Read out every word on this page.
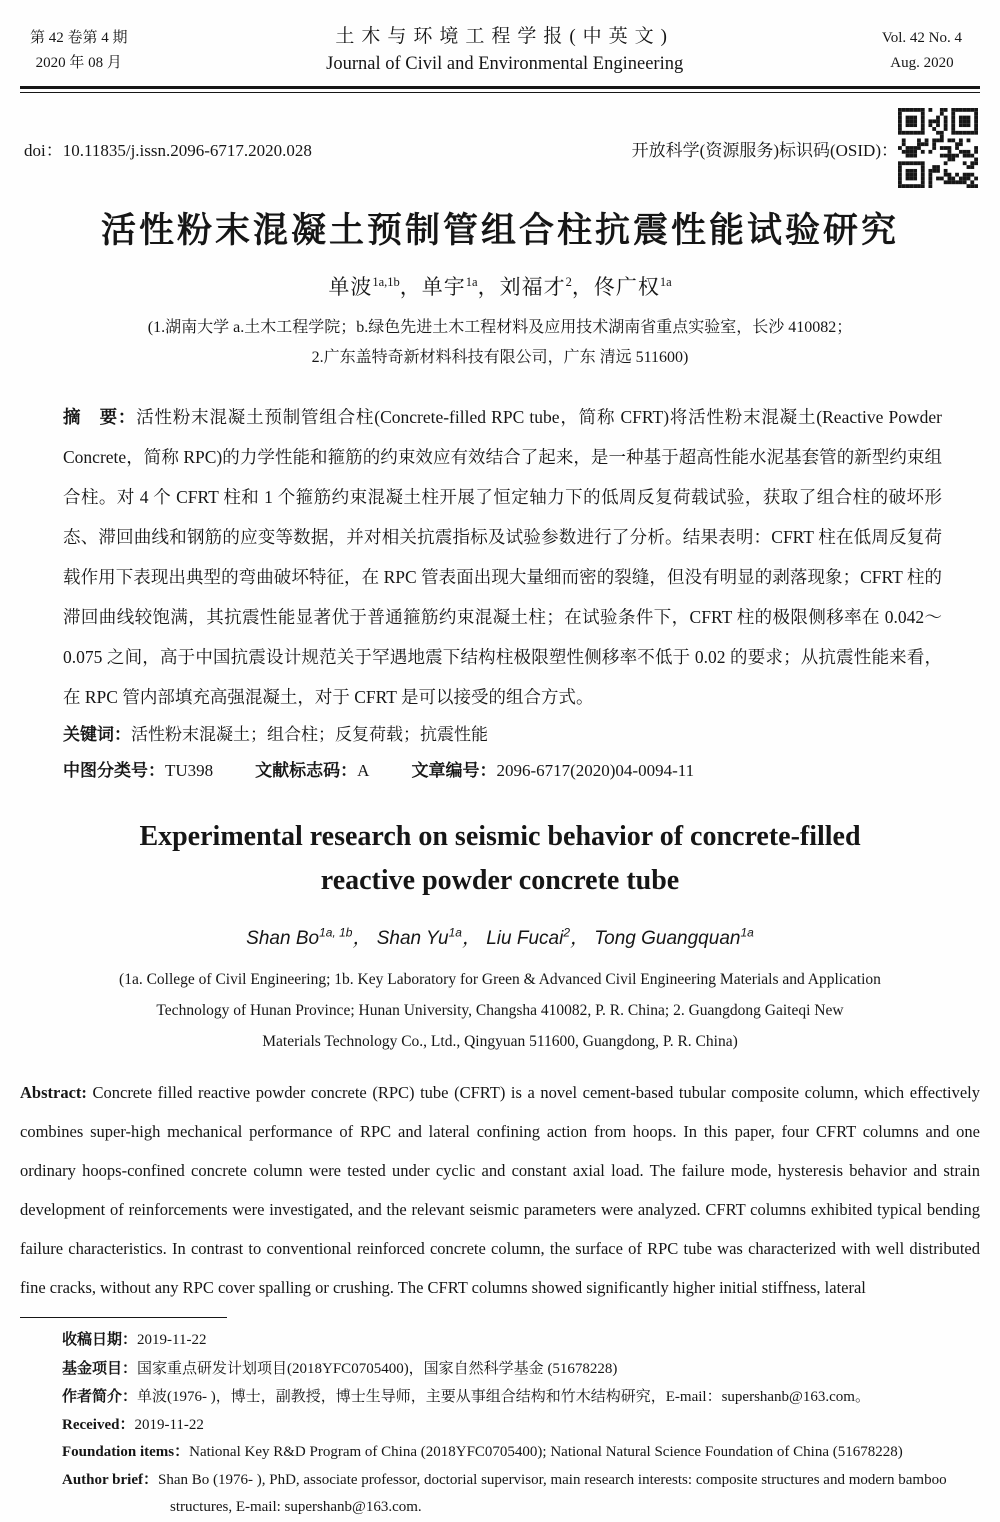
第 42 卷第 4 期
2020 年 08 月
土木与环境工程学报(中英文)
Journal of Civil and Environmental Engineering
Vol. 42 No. 4
Aug. 2020
doi：10.11835/j.issn.2096-6717.2020.028	开放科学(资源服务)标识码(OSID)：
活性粉末混凝土预制管组合柱抗震性能试验研究
单波$^{1a,1b}$，单宇$^{1a}$，刘福才$^2$，佟广权$^{1a}$
(1.湖南大学 a.土木工程学院；b.绿色先进土木工程材料及应用技术湖南省重点实验室，长沙 410082；
2.广东盖特奇新材料科技有限公司，广东 清远 511600)

摘　要：活性粉末混凝土预制管组合柱(Concrete-filled RPC tube，简称 CFRT)将活性粉末混凝土(Reactive Powder Concrete，简称 RPC)的力学性能和箍筋的约束效应有效结合了起来，是一种基于超高性能水泥基套管的新型约束组合柱。对 4 个 CFRT 柱和 1 个箍筋约束混凝土柱开展了恒定轴力下的低周反复荷载试验，获取了组合柱的破坏形态、滞回曲线和钢筋的应变等数据，并对相关抗震指标及试验参数进行了分析。结果表明：CFRT 柱在低周反复荷载作用下表现出典型的弯曲破坏特征，在 RPC 管表面出现大量细而密的裂缝，但没有明显的剥落现象；CFRT 柱的滞回曲线较饱满，其抗震性能显著优于普通箍筋约束混凝土柱；在试验条件下，CFRT 柱的极限侧移率在 0.042～0.075 之间，高于中国抗震设计规范关于罕遇地震下结构柱极限塑性侧移率不低于 0.02 的要求；从抗震性能来看，在 RPC 管内部填充高强混凝土，对于 CFRT 是可以接受的组合方式。

关键词：活性粉末混凝土；组合柱；反复荷载；抗震性能

中图分类号：TU398 文献标志码：A 文章编号：2096-6717(2020)04-0094-11

Experimental research on seismic behavior of concrete-filled
reactive powder concrete tube
Shan $Bo^{1a, 1b}$， Shan $Yu^{1a}$， Liu Fucai$^2$， Tong Guangquan$^{1a}$
(1a. College of Civil Engineering; 1b. Key Laboratory for Green & Advanced Civil Engineering Materials and Application
Technology of Hunan Province; Hunan University, Changsha 410082, P. R. China; 2. Guangdong Gaiteqi New
Materials Technology Co., Ltd., Qingyuan 511600, Guangdong, P. R. China)

Abstract: Concrete filled reactive powder concrete (RPC) tube (CFRT) is a novel cement-based tubular composite column, which effectively combines super-high mechanical performance of RPC and lateral confining action from hoops. In this paper, four CFRT columns and one ordinary hoops-confined concrete column were tested under cyclic and constant axial load. The failure mode, hysteresis behavior and strain development of reinforcements were investigated, and the relevant seismic parameters were analyzed. CFRT columns exhibited typical bending failure characteristics. In contrast to conventional reinforced concrete column, the surface of RPC tube was characterized with well distributed fine cracks, without any RPC cover spalling or crushing. The CFRT columns showed significantly higher initial stiffness, lateral

收稿日期：2019-11-22
基金项目：国家重点研发计划项目(2018YFC0705400)，国家自然科学基金 (51678228)
作者简介：单波(1976- )，博士，副教授，博士生导师，主要从事组合结构和竹木结构研究，E-mail：supershanb@163.com。
Received：2019-11-22
Foundation items：National Key R&D Program of China (2018YFC0705400); National Natural Science Foundation of China (51678228)
Author brief：Shan Bo (1976- ), PhD, associate professor, doctorial supervisor, main research interests: composite structures and modern bamboo structures, E-mail: supershanb@163.com.
